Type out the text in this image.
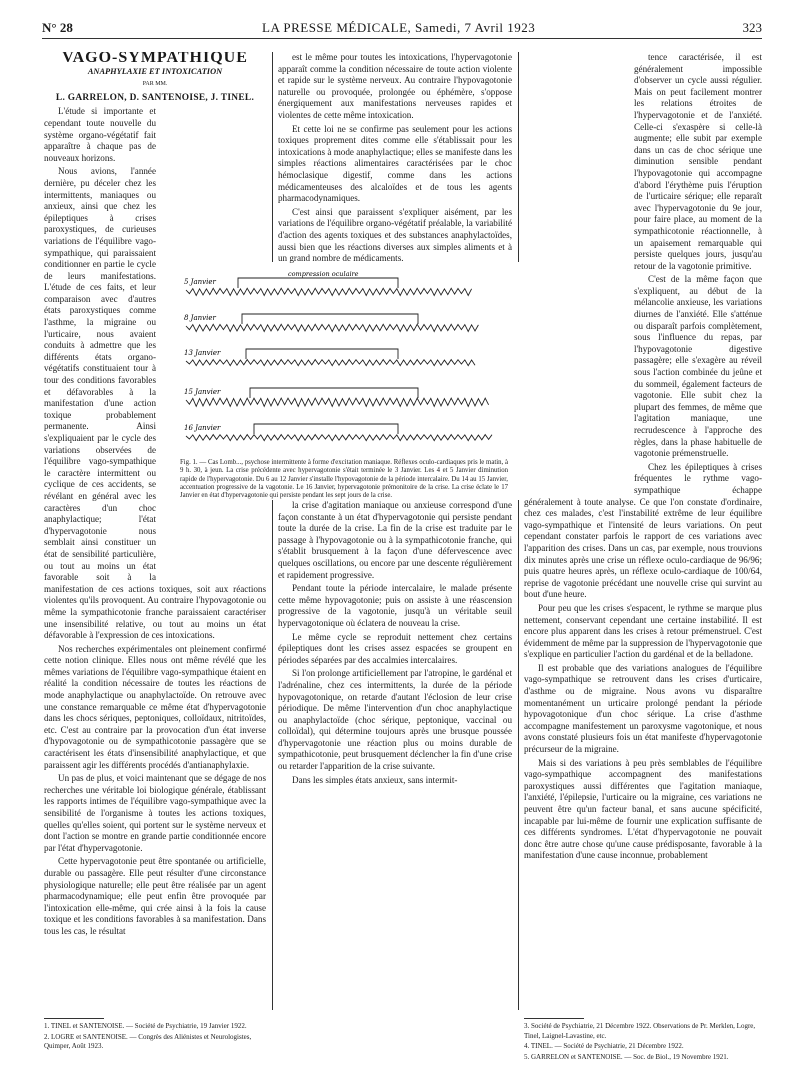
N° 28	LA PRESSE MÉDICALE, Samedi, 7 Avril 1923	323

VAGO-SYMPATHIQUE

ANAPHYLAXIE ET INTOXICATION

PAR MM.

L. GARRELON, D. SANTENOISE, J. TINEL.

L'étude si importante et cependant toute nouvelle du système organo-végétatif fait apparaître à chaque pas de nouveaux horizons.

Nous avions, l'année dernière, pu déceler chez les intermittents, maniaques ou anxieux, ainsi que chez les épileptiques à crises paroxystiques, de curieuses variations de l'équilibre vago-sympathique, qui paraissaient conditionner en partie le cycle de leurs manifestations. L'étude de ces faits, et leur comparaison avec d'autres états paroxystiques comme l'asthme, la migraine ou l'urticaire, nous avaient conduits à admettre que les différents états organo-végétatifs constituaient tour à tour des conditions favorables et défavorables à la manifestation d'une action toxique probablement permanente. Ainsi s'expliquaient par le cycle des variations observées de l'équilibre vago-sympathique le caractère intermittent ou cyclique de ces accidents, se révélant en général avec les caractères d'un choc anaphylactique; l'état d'hypervagotonie nous semblait ainsi constituer un état de sensibilité particulière, ou tout au moins un état favorable soit à la manifestation de ces actions toxiques, soit aux réactions violentes qu'ils provoquent. Au contraire l'hypovagotonie ou même la sympathicotonie franche paraissaient caractériser une insensibilité relative, ou tout au moins un état défavorable à l'expression de ces intoxications.

Nos recherches expérimentales ont pleinement confirmé cette notion clinique. Elles nous ont même révélé que les mêmes variations de l'équilibre vago-sympathique étaient en réalité la condition nécessaire de toutes les réactions de mode anaphylactique ou anaphylactoïde. On retrouve avec une constance remarquable ce même état d'hypervagotonie dans les chocs sériques, peptoniques, colloïdaux, nitritoïdes, etc. C'est au contraire par la provocation d'un état inverse d'hypovagotonie ou de sympathicotonie passagère que se caractérisent les états d'insensibilité anaphylactique, et que paraissent agir les différents procédés d'antianaphylaxie.

Un pas de plus, et voici maintenant que se dégage de nos recherches une véritable loi biologique générale, établissant les rapports intimes de l'équilibre vago-sympathique avec la sensibilité de l'organisme à toutes les actions toxiques, quelles qu'elles soient, qui portent sur le système nerveux et dont l'action se montre en grande partie conditionnée encore par l'état d'hypervagotonie.

Cette hypervagotonie peut être spontanée ou artificielle, durable ou passagère. Elle peut résulter d'une circonstance physiologique naturelle; elle peut être réalisée par un agent pharmacodynamique; elle peut enfin être provoquée par l'intoxication elle-même, qui crée ainsi à la fois la cause toxique et les conditions favorables à sa manifestation. Dans tous les cas, le résultat

est le même pour toutes les intoxications, l'hypervagotonie apparaît comme la condition nécessaire de toute action violente et rapide sur le système nerveux. Au contraire l'hypovagotonie naturelle ou provoquée, prolongée ou éphémère, s'oppose énergiquement aux manifestations nerveuses rapides et violentes de cette même intoxication.

Et cette loi ne se confirme pas seulement pour les actions toxiques proprement dites comme elle s'établissait pour les intoxications à mode anaphylactique; elles se manifeste dans les simples réactions alimentaires caractérisées par le choc hémoclasique digestif, comme dans les actions médicamenteuses des alcaloïdes et de tous les agents pharmacodynamiques.

C'est ainsi que paraissent s'expliquer aisément, par les variations de l'équilibre organo-végétatif préalable, la variabilité d'action des agents toxiques et des substances anaphylactoïdes, aussi bien que les réactions diverses aux simples aliments et à un grand nombre de médicaments.

tence caractérisée, il est généralement impossible d'observer un cycle aussi régulier. Mais on peut facilement montrer les relations étroites de l'hypervagotonie et de l'anxiété. Celle-ci s'exaspère si celle-là augmente; elle subit par exemple dans un cas de choc sérique une diminution sensible pendant l'hypovagotonie qui accompagne d'abord l'érythème puis l'éruption de l'urticaire sérique; elle reparaît avec l'hypervagotonie du 9e jour, pour faire place, au moment de la sympathicotonie réactionnelle, à un apaisement remarquable qui persiste quelques jours, jusqu'au retour de la vagotonie primitive.

C'est de la même façon que s'expliquent, au début de la mélancolie anxieuse, les variations diurnes de l'anxiété. Elle s'atténue ou disparaît parfois complètement, sous l'influence du repas, par l'hypovagotonie digestive passagère; elle s'exagère au réveil sous l'action combinée du jeûne et du sommeil, également facteurs de vagotonie. Elle subit chez la plupart des femmes, de même que l'agitation maniaque, une recrudescence à l'approche des règles, dans la phase habituelle de vagotonie prémenstruelle.

Chez les épileptiques à crises fréquentes le rythme vago-sympathique échappe généralement à toute analyse. Ce que l'on constate d'ordinaire, chez ces malades, c'est l'instabilité extrême de leur équilibre vago-sympathique et l'intensité de leurs variations. On peut cependant constater parfois le rapport de ces variations avec l'apparition des crises. Dans un cas, par exemple, nous trouvions dix minutes après une crise un réflexe oculo-cardiaque de 96/96; puis quatre heures après, un réflexe oculo-cardiaque de 100/64, reprise de vagotonie précédant une nouvelle crise qui survint au bout d'une heure.

Pour peu que les crises s'espacent, le rythme se marque plus nettement, conservant cependant une certaine instabilité. Il est encore plus apparent dans les crises à retour prémenstruel. C'est évidemment de même par la suppression de l'hypervagotonie que s'explique en particulier l'action du gardénal et de la belladone.

Il est probable que des variations analogues de l'équilibre vago-sympathique se retrouvent dans les crises d'urticaire, d'asthme ou de migraine. Nous avons vu disparaître momentanément un urticaire prolongé pendant la période hypovagotonique d'un choc sérique. La crise d'asthme accompagne manifestement un paroxysme vagotonique, et nous avons constaté plusieurs fois un état manifeste d'hypervagotonie précurseur de la migraine.

Mais si des variations à peu près semblables de l'équilibre vago-sympathique accompagnent des manifestations paroxystiques aussi différentes que l'agitation maniaque, l'anxiété, l'épilepsie, l'urticaire ou la migraine, ces variations ne peuvent être qu'un facteur banal, et sans aucune spécificité, incapable par lui-même de fournir une explication suffisante de ces différents syndromes. L'état d'hypervagotonie ne pouvait donc être autre chose qu'une cause prédisposante, favorable à la manifestation d'une cause inconnue, probablement

la crise d'agitation maniaque ou anxieuse correspond d'une façon constante à un état d'hypervagotonie qui persiste pendant toute la durée de la crise. La fin de la crise est traduite par le passage à l'hypovagotonie ou à la sympathicotonie franche, qui s'établit brusquement à la façon d'une défervescence avec quelques oscillations, ou encore par une descente régulièrement et rapidement progressive.

Pendant toute la période intercalaire, le malade présente cette même hypovagotonie; puis on assiste à une réascension progressive de la vagotonie, jusqu'à un véritable seuil hypervagotonique où éclatera de nouveau la crise.

Le même cycle se reproduit nettement chez certains épileptiques dont les crises assez espacées se groupent en périodes séparées par des accalmies intercalaires.

Si l'on prolonge artificiellement par l'atropine, le gardénal et l'adrénaline, chez ces intermittents, la durée de la période hypovagotonique, on retarde d'autant l'éclosion de leur crise périodique. De même l'intervention d'un choc anaphylactique ou anaphylactoïde (choc sérique, peptonique, vaccinal ou colloïdal), qui détermine toujours après une brusque poussée d'hypervagotonie une réaction plus ou moins durable de sympathicotonie, peut brusquement déclencher la fin d'une crise ou retarder l'apparition de la crise suivante.

Dans les simples états anxieux, sans intermit-

5 Janvier
8 Janvier
13 Janvier
15 Janvier
16 Janvier
compression oculaire
Fig. 1. — Cas Lomb..., psychose intermittente à forme d'excitation maniaque. Réflexes oculo-cardiaques pris le matin, à 9 h. 30, à jeun. La crise précédente avec hypervagotonie s'était terminée le 3 Janvier. Les 4 et 5 Janvier diminution rapide de l'hypervagotonie. Du 6 au 12 Janvier s'installe l'hypovagotonie de la période intercalaire. Du 14 au 15 Janvier, accentuation progressive de la vagotonie. Le 16 Janvier, hypervagotonie prémonitoire de la crise. La crise éclate le 17 Janvier en état d'hypervagotonie qui persiste pendant les sept jours de la crise.
1. TINEL et SANTENOISE. — Société de Psychiatrie, 19 Janvier 1922.
2. LOGRE et SANTENOISE. — Congrès des Aliénistes et Neurologistes, Quimper, Août 1923.
3. Société de Psychiatrie, 21 Décembre 1922. Observations de Pr. Merklen, Logre, Tinel, Laignel-Lavastine, etc.
4. TINEL. — Société de Psychiatrie, 21 Décembre 1922.
5. GARRELON et SANTENOISE. — Soc. de Biol., 19 Novembre 1921.
